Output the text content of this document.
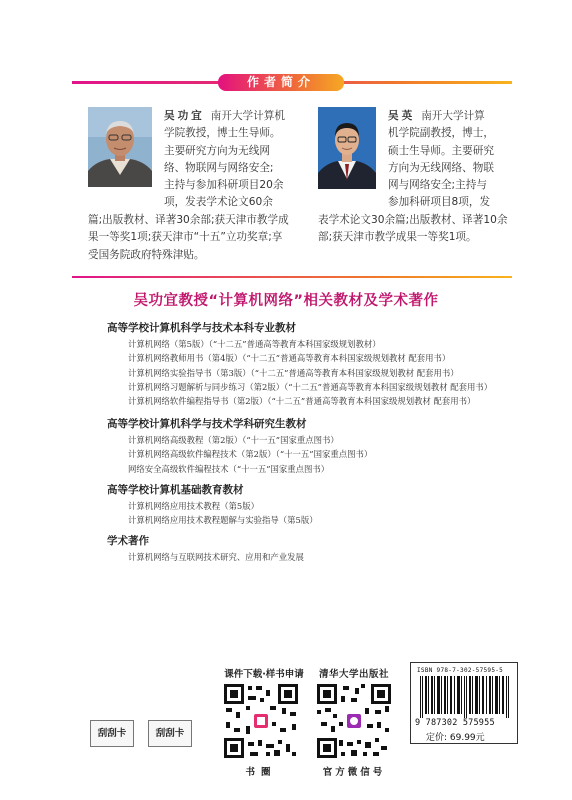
作者简介
吴功宜 南开大学计算机
学院教授，博士生导师。
主要研究方向为无线网
络、物联网与网络安全;
主持与参加科研项目20余
项，发表学术论文60余
篇;出版教材、译著30余部;获天津市教学成
果一等奖1项;获天津市“十五”立功奖章;享
受国务院政府特殊津贴。
吴英 南开大学计算
机学院副教授，博士，
硕士生导师。主要研究
方向为无线网络、物联
网与网络安全;主持与
参加科研项目8项，发
表学术论文30余篇;出版教材、译著10余
部;获天津市教学成果一等奖1项。
吴功宜教授“计算机网络”相关教材及学术著作
高等学校计算机科学与技术本科专业教材
计算机网络（第5版）（“十二五”普通高等教育本科国家级规划教材）
计算机网络教师用书（第4版）（“十二五”普通高等教育本科国家级规划教材 配套用书）
计算机网络实验指导书（第3版）（“十二五”普通高等教育本科国家级规划教材 配套用书）
计算机网络习题解析与同步练习（第2版）（“十二五”普通高等教育本科国家级规划教材 配套用书）
计算机网络软件编程指导书（第2版）（“十二五”普通高等教育本科国家级规划教材 配套用书）
高等学校计算机科学与技术学科研究生教材
计算机网络高级教程（第2版）（“十一五”国家重点图书）
计算机网络高级软件编程技术（第2版）（“十一五”国家重点图书）
网络安全高级软件编程技术（“十一五”国家重点图书）
高等学校计算机基础教育教材
计算机网络应用技术教程（第5版）
计算机网络应用技术教程题解与实验指导（第5版）
学术著作
计算机网络与互联网技术研究、应用和产业发展
刮刮卡	刮刮卡
课件下载·样书申请
书圈
清华大学出版社
官方微信号
ISBN 978-7-302-57595-5
9 787302 575955
定价: 69.99元
